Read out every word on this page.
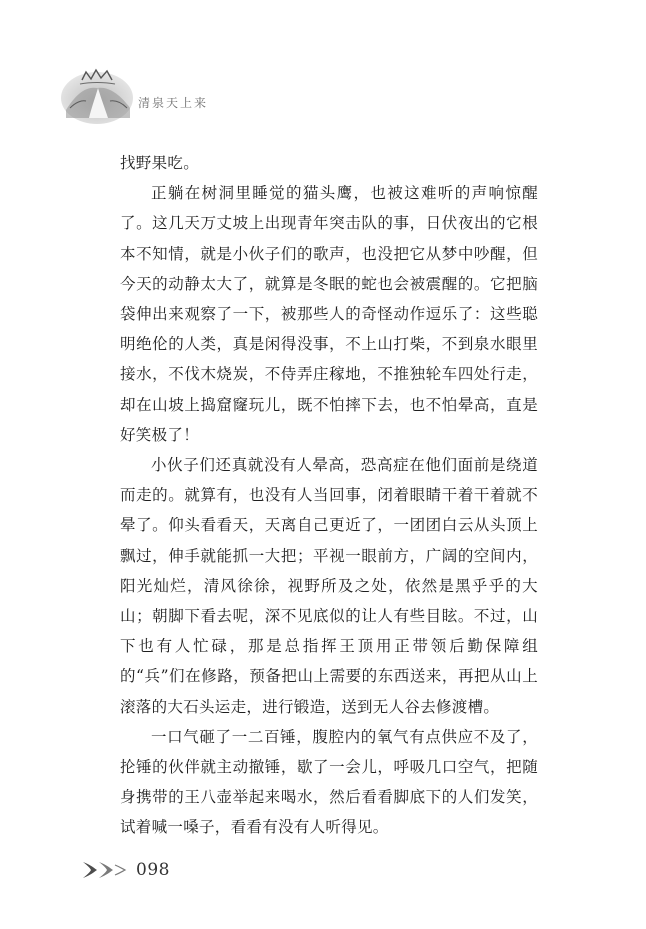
清泉天上来

找野果吃。

正躺在树洞里睡觉的猫头鹰，也被这难听的声响惊醒了。这几天万丈坡上出现青年突击队的事，日伏夜出的它根本不知情，就是小伙子们的歌声，也没把它从梦中吵醒，但今天的动静太大了，就算是冬眠的蛇也会被震醒的。它把脑袋伸出来观察了一下，被那些人的奇怪动作逗乐了：这些聪明绝伦的人类，真是闲得没事，不上山打柴，不到泉水眼里接水，不伐木烧炭，不侍弄庄稼地，不推独轮车四处行走，却在山坡上捣窟窿玩儿，既不怕摔下去，也不怕晕高，直是好笑极了！

小伙子们还真就没有人晕高，恐高症在他们面前是绕道而走的。就算有，也没有人当回事，闭着眼睛干着干着就不晕了。仰头看看天，天离自己更近了，一团团白云从头顶上飘过，伸手就能抓一大把；平视一眼前方，广阔的空间内，阳光灿烂，清风徐徐，视野所及之处，依然是黑乎乎的大山；朝脚下看去呢，深不见底似的让人有些目眩。不过，山下也有人忙碌，那是总指挥王顶用正带领后勤保障组的“兵”们在修路，预备把山上需要的东西送来，再把从山上滚落的大石头运走，进行锻造，送到无人谷去修渡槽。

一口气砸了一二百锤，腹腔内的氧气有点供应不及了，抡锤的伙伴就主动撤锤，歇了一会儿，呼吸几口空气，把随身携带的王八壶举起来喝水，然后看看脚底下的人们发笑，试着喊一嗓子，看看有没有人听得见。

098
